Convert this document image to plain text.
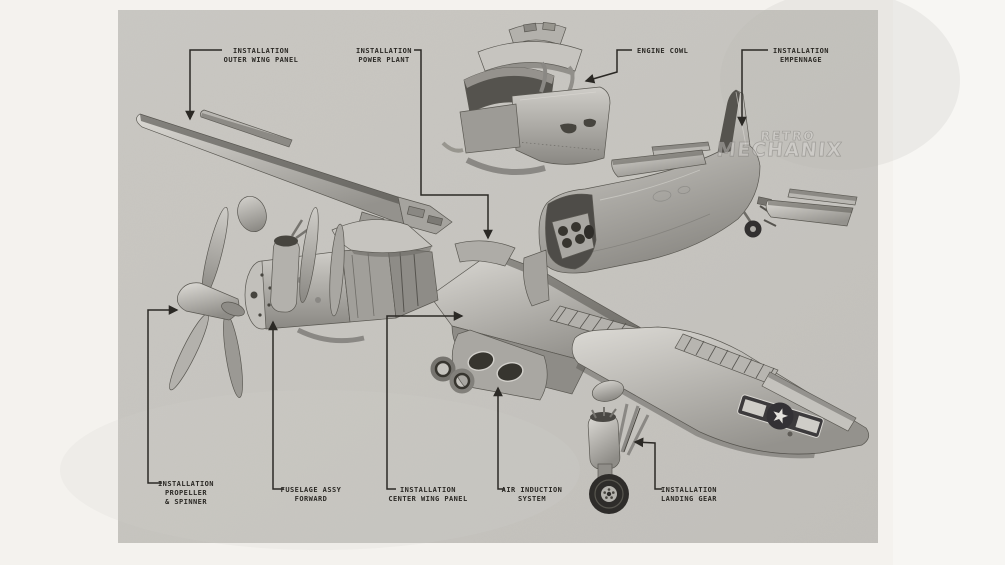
RETRO
MECHANIX
INSTALLATION
OUTER WING PANEL
INSTALLATION
POWER PLANT
ENGINE COWL	INSTALLATION
EMPENNAGE
INSTALLATION
PROPELLER
& SPINNER
FUSELAGE ASSY
FORWARD
INSTALLATION
CENTER WING PANEL
AIR INDUCTION
SYSTEM
INSTALLATION
LANDING GEAR
